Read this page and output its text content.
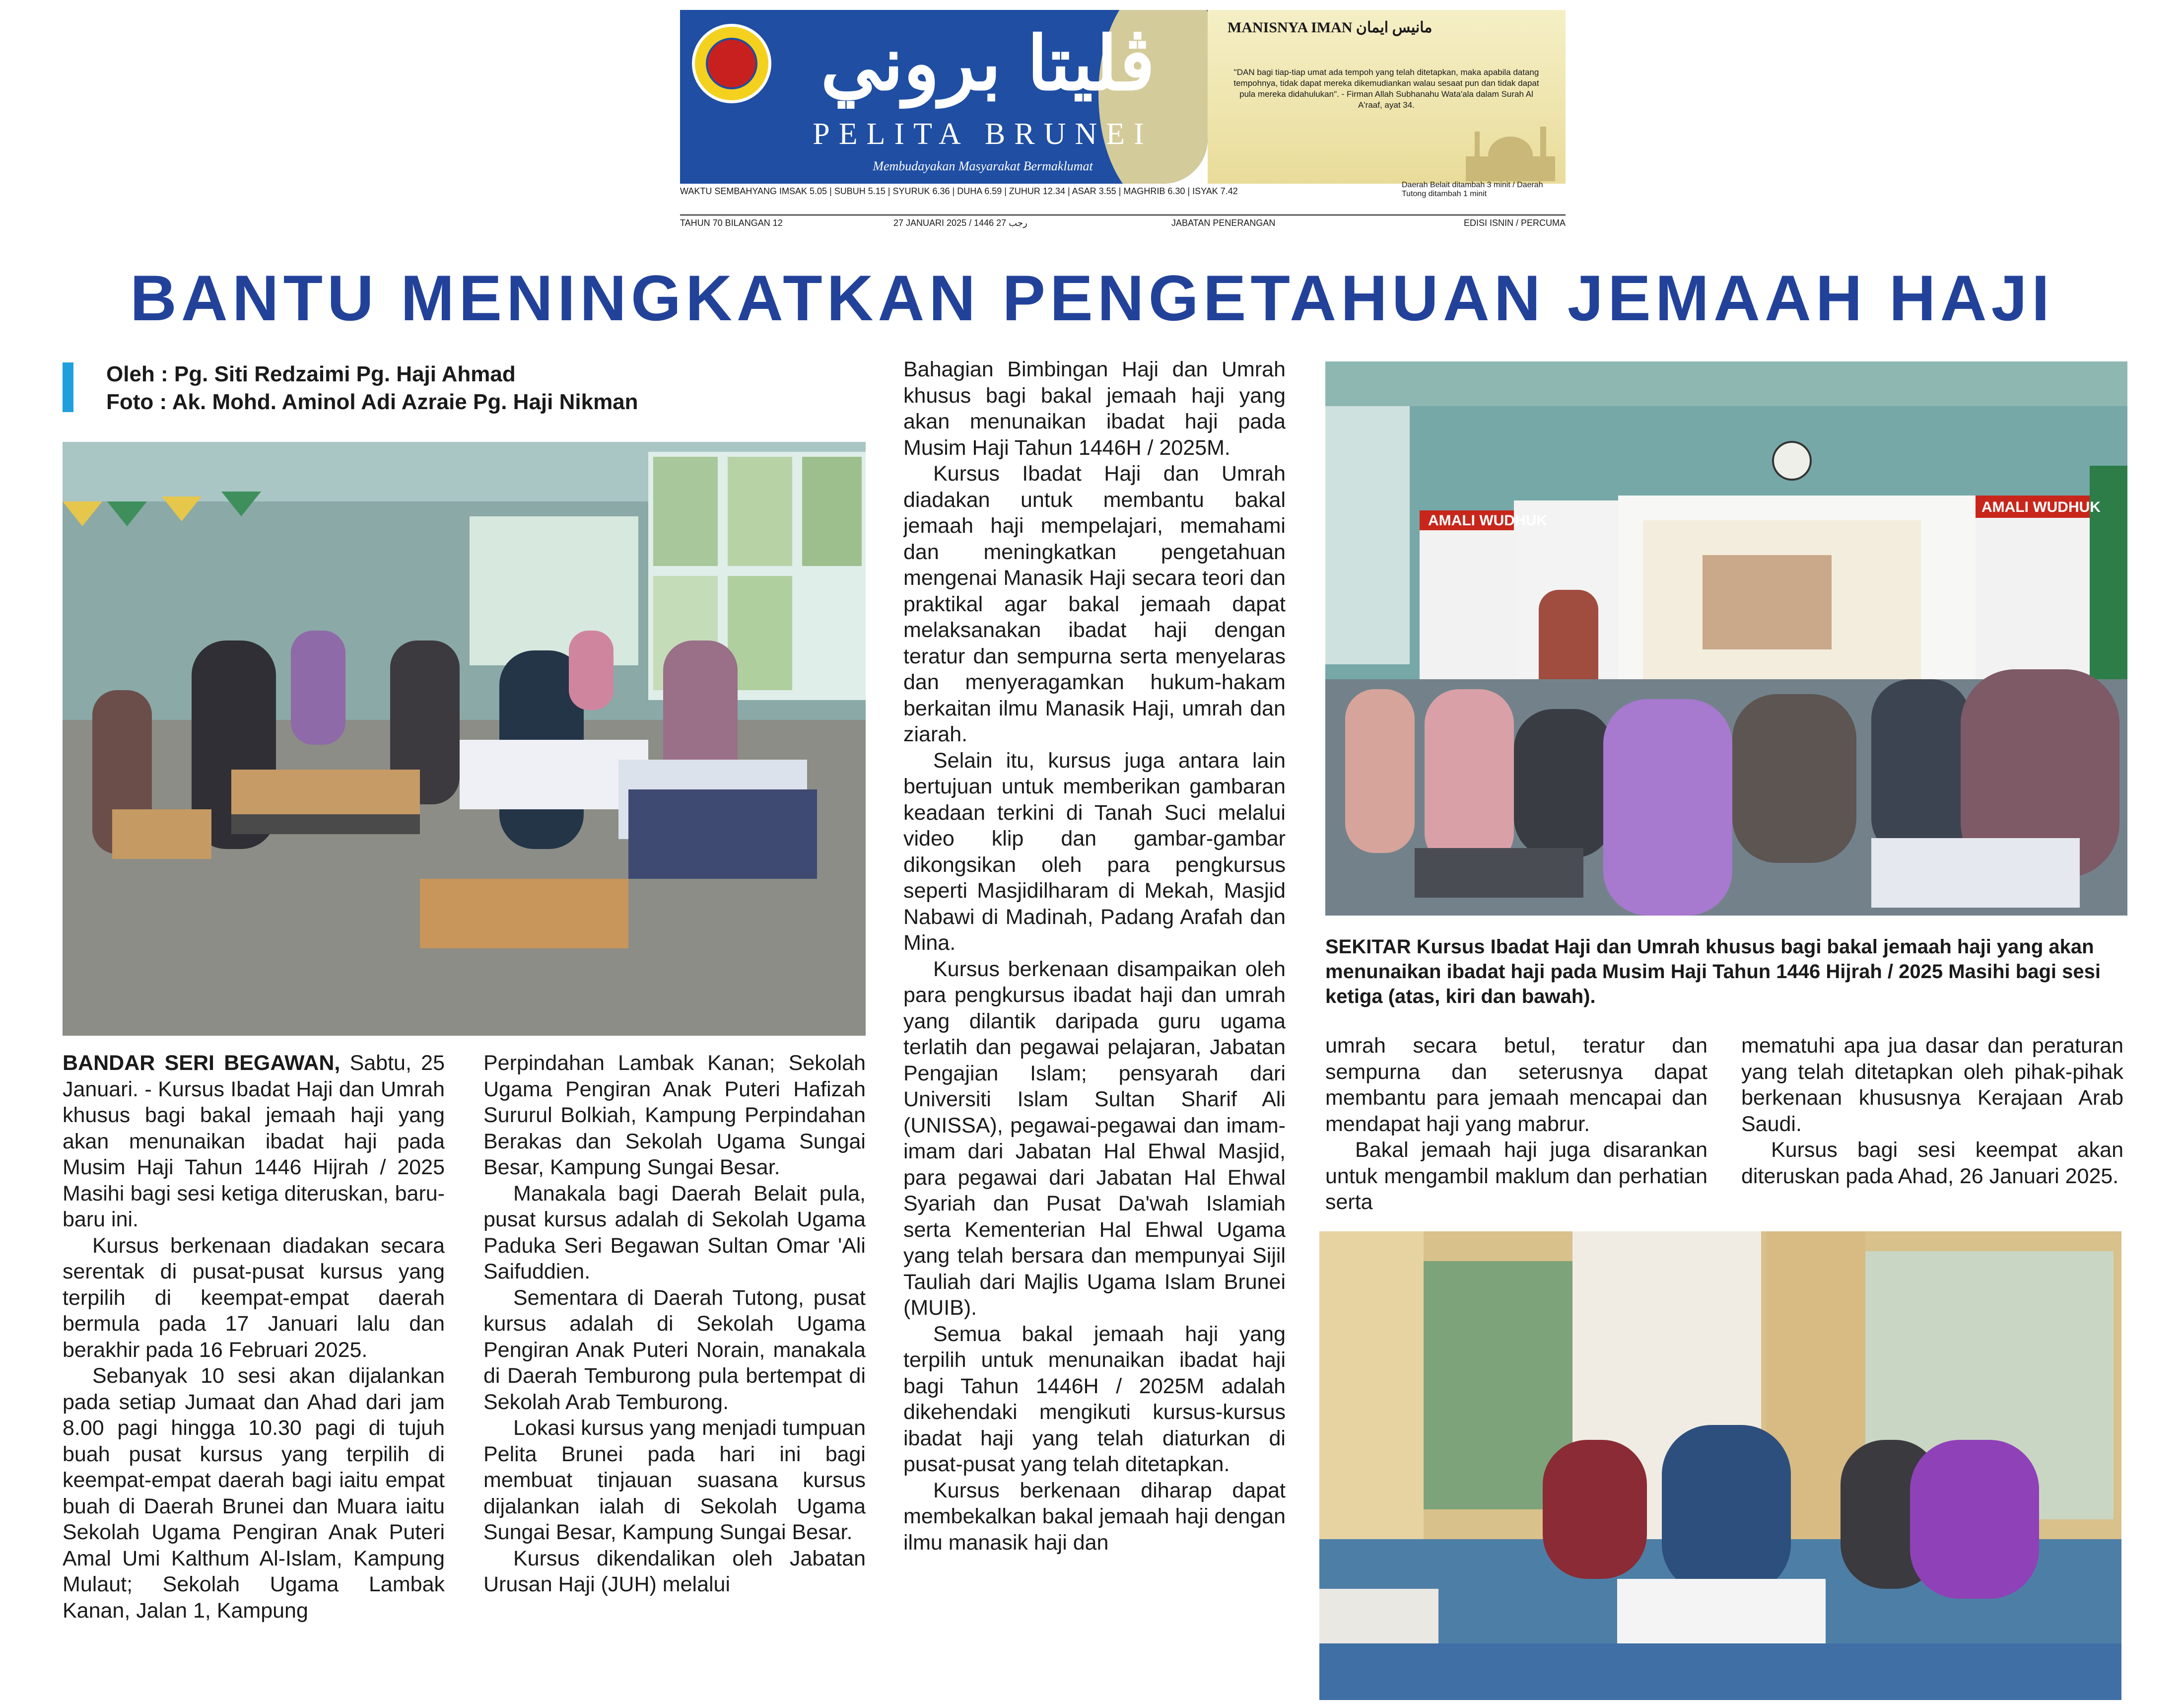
ڤليتا بروني
PELITA BRUNEI
Membudayakan Masyarakat Bermaklumat
MANISNYA IMAN مانيس ايمان
"DAN bagi tiap-tiap umat ada tempoh yang telah ditetapkan, maka apabila datang tempohnya, tidak dapat mereka dikemudiankan walau sesaat pun dan tidak dapat pula mereka didahulukan". - Firman Allah Subhanahu Wata'ala dalam Surah Al A'raaf, ayat 34.
WAKTU SEMBAHYANG IMSAK 5.05 | SUBUH 5.15 | SYURUK 6.36 | DUHA 6.59 | ZUHUR 12.34 | ASAR 3.55 | MAGHRIB 6.30 | ISYAK 7.42
Daerah Belait ditambah 3 minit / Daerah Tutong ditambah 1 minit
TAHUN 70 BILANGAN 12	27 JANUARI 2025 / 1446 رجب 27	JABATAN PENERANGAN	EDISI ISNIN / PERCUMA
BANTU MENINGKATKAN PENGETAHUAN JEMAAH HAJI
Oleh : Pg. Siti Redzaimi Pg. Haji Ahmad
Foto : Ak. Mohd. Aminol Adi Azraie Pg. Haji Nikman
AMALI WUDHUK
AMALI WUDHUK
SEKITAR Kursus Ibadat Haji dan Umrah khusus bagi bakal jemaah haji yang akan menunaikan ibadat haji pada Musim Haji Tahun 1446 Hijrah / 2025 Masihi bagi sesi ketiga (atas, kiri dan bawah).

BANDAR SERI BEGAWAN, Sabtu, 25 Januari. - Kursus Ibadat Haji dan Umrah khusus bagi bakal jemaah haji yang akan menunaikan ibadat haji pada Musim Haji Tahun 1446 Hijrah / 2025 Masihi bagi sesi ketiga diteruskan, baru-baru ini.

Kursus berkenaan diadakan secara serentak di pusat-pusat kursus yang terpilih di keempat-empat daerah bermula pada 17 Januari lalu dan berakhir pada 16 Februari 2025.

Sebanyak 10 sesi akan dijalankan pada setiap Jumaat dan Ahad dari jam 8.00 pagi hingga 10.30 pagi di tujuh buah pusat kursus yang terpilih di keempat-empat daerah bagi iaitu empat buah di Daerah Brunei dan Muara iaitu Sekolah Ugama Pengiran Anak Puteri Amal Umi Kalthum Al-Islam, Kampung Mulaut; Sekolah Ugama Lambak Kanan, Jalan 1, Kampung

Perpindahan Lambak Kanan; Sekolah Ugama Pengiran Anak Puteri Hafizah Sururul Bolkiah, Kampung Perpindahan Berakas dan Sekolah Ugama Sungai Besar, Kampung Sungai Besar.

Manakala bagi Daerah Belait pula, pusat kursus adalah di Sekolah Ugama Paduka Seri Begawan Sultan Omar 'Ali Saifuddien.

Sementara di Daerah Tutong, pusat kursus adalah di Sekolah Ugama Pengiran Anak Puteri Norain, manakala di Daerah Temburong pula bertempat di Sekolah Arab Temburong.

Lokasi kursus yang menjadi tumpuan Pelita Brunei pada hari ini bagi membuat tinjauan suasana kursus dijalankan ialah di Sekolah Ugama Sungai Besar, Kampung Sungai Besar.

Kursus dikendalikan oleh Jabatan Urusan Haji (JUH) melalui

Bahagian Bimbingan Haji dan Umrah khusus bagi bakal jemaah haji yang akan menunaikan ibadat haji pada Musim Haji Tahun 1446H / 2025M.

Kursus Ibadat Haji dan Umrah diadakan untuk membantu bakal jemaah haji mempelajari, memahami dan meningkatkan pengetahuan mengenai Manasik Haji secara teori dan praktikal agar bakal jemaah dapat melaksanakan ibadat haji dengan teratur dan sempurna serta menyelaras dan menyeragamkan hukum-hakam berkaitan ilmu Manasik Haji, umrah dan ziarah.

Selain itu, kursus juga antara lain bertujuan untuk memberikan gambaran keadaan terkini di Tanah Suci melalui video klip dan gambar-gambar dikongsikan oleh para pengkursus seperti Masjidilharam di Mekah, Masjid Nabawi di Madinah, Padang Arafah dan Mina.

Kursus berkenaan disampaikan oleh para pengkursus ibadat haji dan umrah yang dilantik daripada guru ugama terlatih dan pegawai pelajaran, Jabatan Pengajian Islam; pensyarah dari Universiti Islam Sultan Sharif Ali (UNISSA), pegawai-pegawai dan imam-imam dari Jabatan Hal Ehwal Masjid, para pegawai dari Jabatan Hal Ehwal Syariah dan Pusat Da'wah Islamiah serta Kementerian Hal Ehwal Ugama yang telah bersara dan mempunyai Sijil Tauliah dari Majlis Ugama Islam Brunei (MUIB).

Semua bakal jemaah haji yang terpilih untuk menunaikan ibadat haji bagi Tahun 1446H / 2025M adalah dikehendaki mengikuti kursus-kursus ibadat haji yang telah diaturkan di pusat-pusat yang telah ditetapkan.

Kursus berkenaan diharap dapat membekalkan bakal jemaah haji dengan ilmu manasik haji dan

umrah secara betul, teratur dan sempurna dan seterusnya dapat membantu para jemaah mencapai dan mendapat haji yang mabrur.

Bakal jemaah haji juga disarankan untuk mengambil maklum dan perhatian serta

mematuhi apa jua dasar dan peraturan yang telah ditetapkan oleh pihak-pihak berkenaan khususnya Kerajaan Arab Saudi.

Kursus bagi sesi keempat akan diteruskan pada Ahad, 26 Januari 2025.
